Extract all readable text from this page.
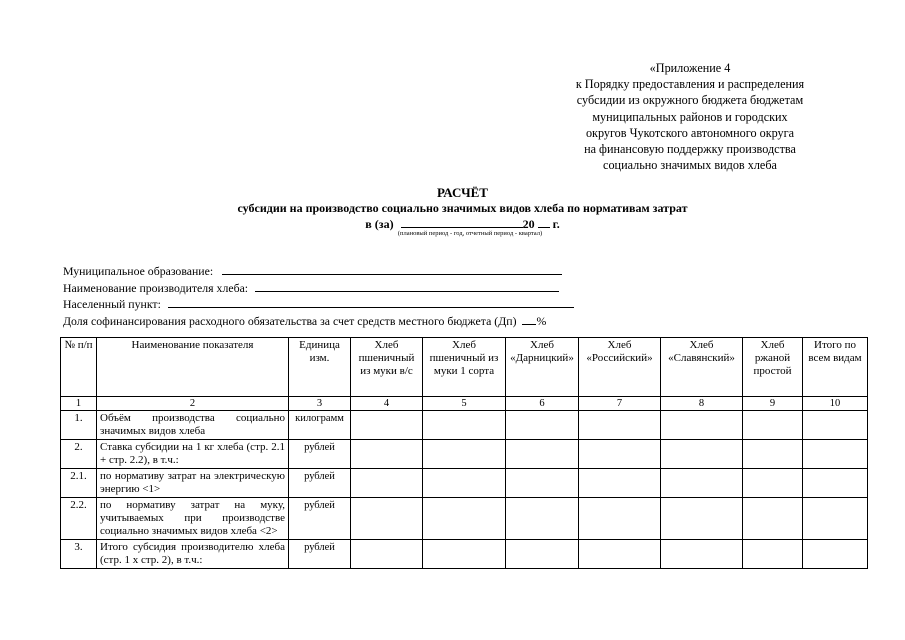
«Приложение 4
к Порядку предоставления и распределения
субсидии из окружного бюджета бюджетам
муниципальных районов и городских
округов Чукотского автономного округа
на финансовую поддержку производства
социально значимых видов хлеба
РАСЧЁТ
субсидии на производство социально значимых видов хлеба по нормативам затрат
в (за)	20 г.
(плановый период - год, отчетный период - квартал)
Муниципальное образование:
Наименование производителя хлеба:
Населенный пункт:
Доля софинансирования расходного обязательства за счет средств местного бюджета (Дп) %
№ п/п	Наименование показателя	Единица изм.	Хлеб пшеничный из муки в/с	Хлеб пшеничный из муки 1 сорта	Хлеб «Дарницкий»	Хлеб «Российский»	Хлеб «Славянский»	Хлеб ржаной простой	Итого по всем видам
1	2	3	4	5	6	7	8	9	10
1.	Объём производства социально значимых видов хлеба	килограмм							
2.	Ставка субсидии на 1 кг хлеба (стр. 2.1 + стр. 2.2), в т.ч.:	рублей							
2.1.	по нормативу затрат на электрическую энергию <1>	рублей							
2.2.	по нормативу затрат на муку, учитываемых при производстве социально значимых видов хлеба <2>	рублей							
3.	Итого субсидия производителю хлеба (стр. 1 x стр. 2), в т.ч.:	рублей							
